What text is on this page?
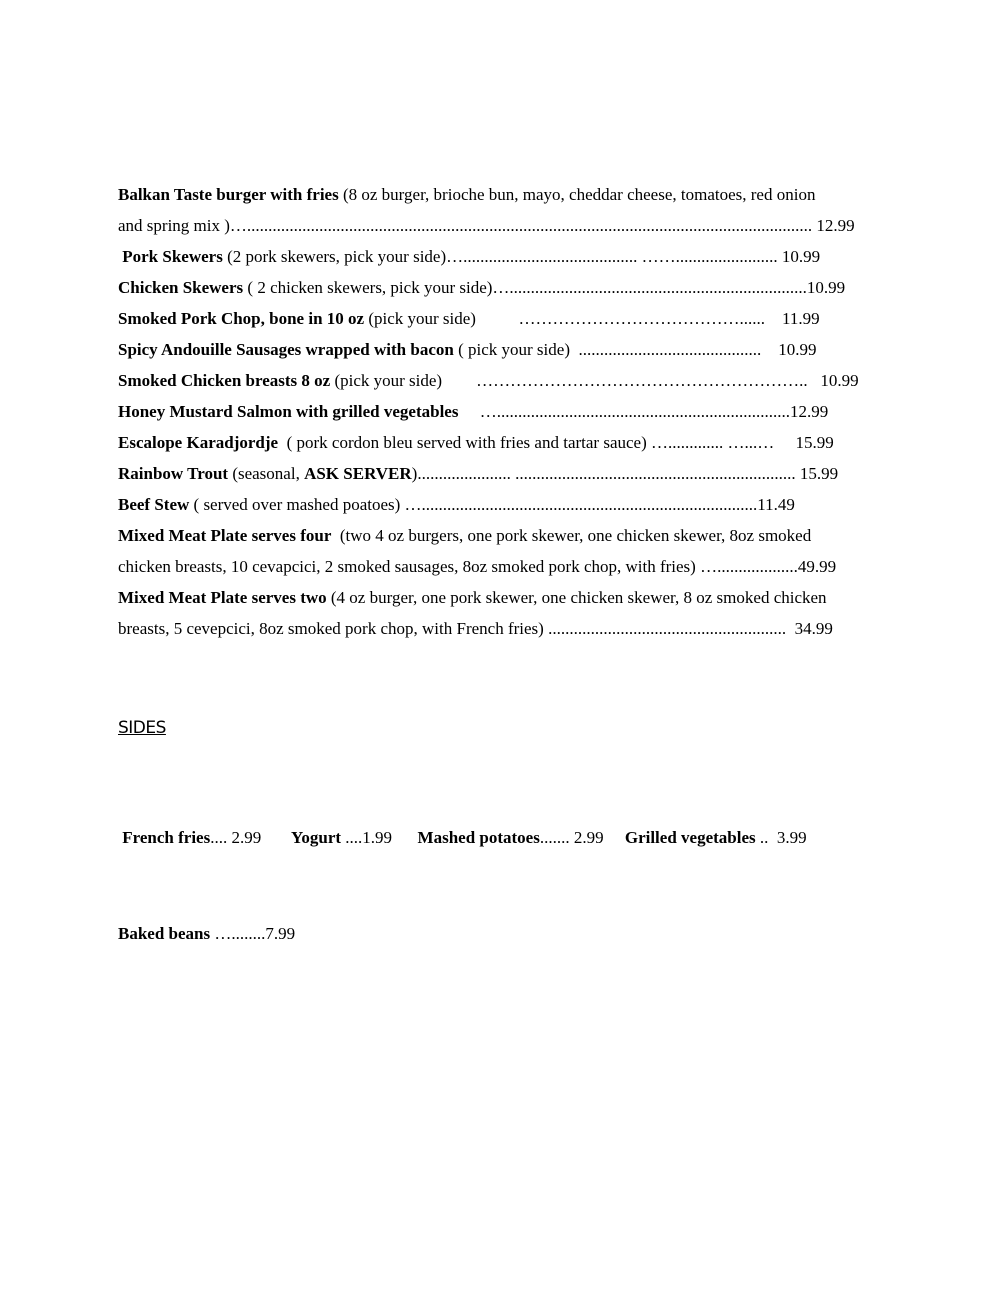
Balkan Taste burger with fries (8 oz burger, brioche bun, mayo, cheddar cheese, tomatoes, red onion
and spring mix )…..................................................................................................................................... 12.99
Pork Skewers (2 pork skewers, pick your side)…......................................... ……........................ 10.99
Chicken Skewers ( 2 chicken skewers, pick your side)…......................................................................10.99
Smoked Pork Chop, bone in 10 oz (pick your side)          …………………………………......    11.99
Spicy Andouille Sausages wrapped with bacon ( pick your side)  ...........................................    10.99
Smoked Chicken breasts 8 oz (pick your side)        …………………………………………………..   10.99
Honey Mustard Salmon with grilled vegetables     ….....................................................................12.99
Escalope Karadjordje  ( pork cordon bleu served with fries and tartar sauce) …............. …...…     15.99
Rainbow Trout (seasonal, ASK SERVER)...................... .................................................................. 15.99
Beef Stew ( served over mashed poatoes) …...............................................................................11.49
Mixed Meat Plate serves four  (two 4 oz burgers, one pork skewer, one chicken skewer, 8oz smoked
chicken breasts, 10 cevapcici, 2 smoked sausages, 8oz smoked pork chop, with fries) …...................49.99
Mixed Meat Plate serves two (4 oz burger, one pork skewer, one chicken skewer, 8 oz smoked chicken
breasts, 5 cevepcici, 8oz smoked pork chop, with French fries) ........................................................  34.99
SIDES

French fries.... 2.99 Yogurt ....1.99 Mashed potatoes....... 2.99 Grilled vegetables ..  3.99

Baked beans …........7.99
